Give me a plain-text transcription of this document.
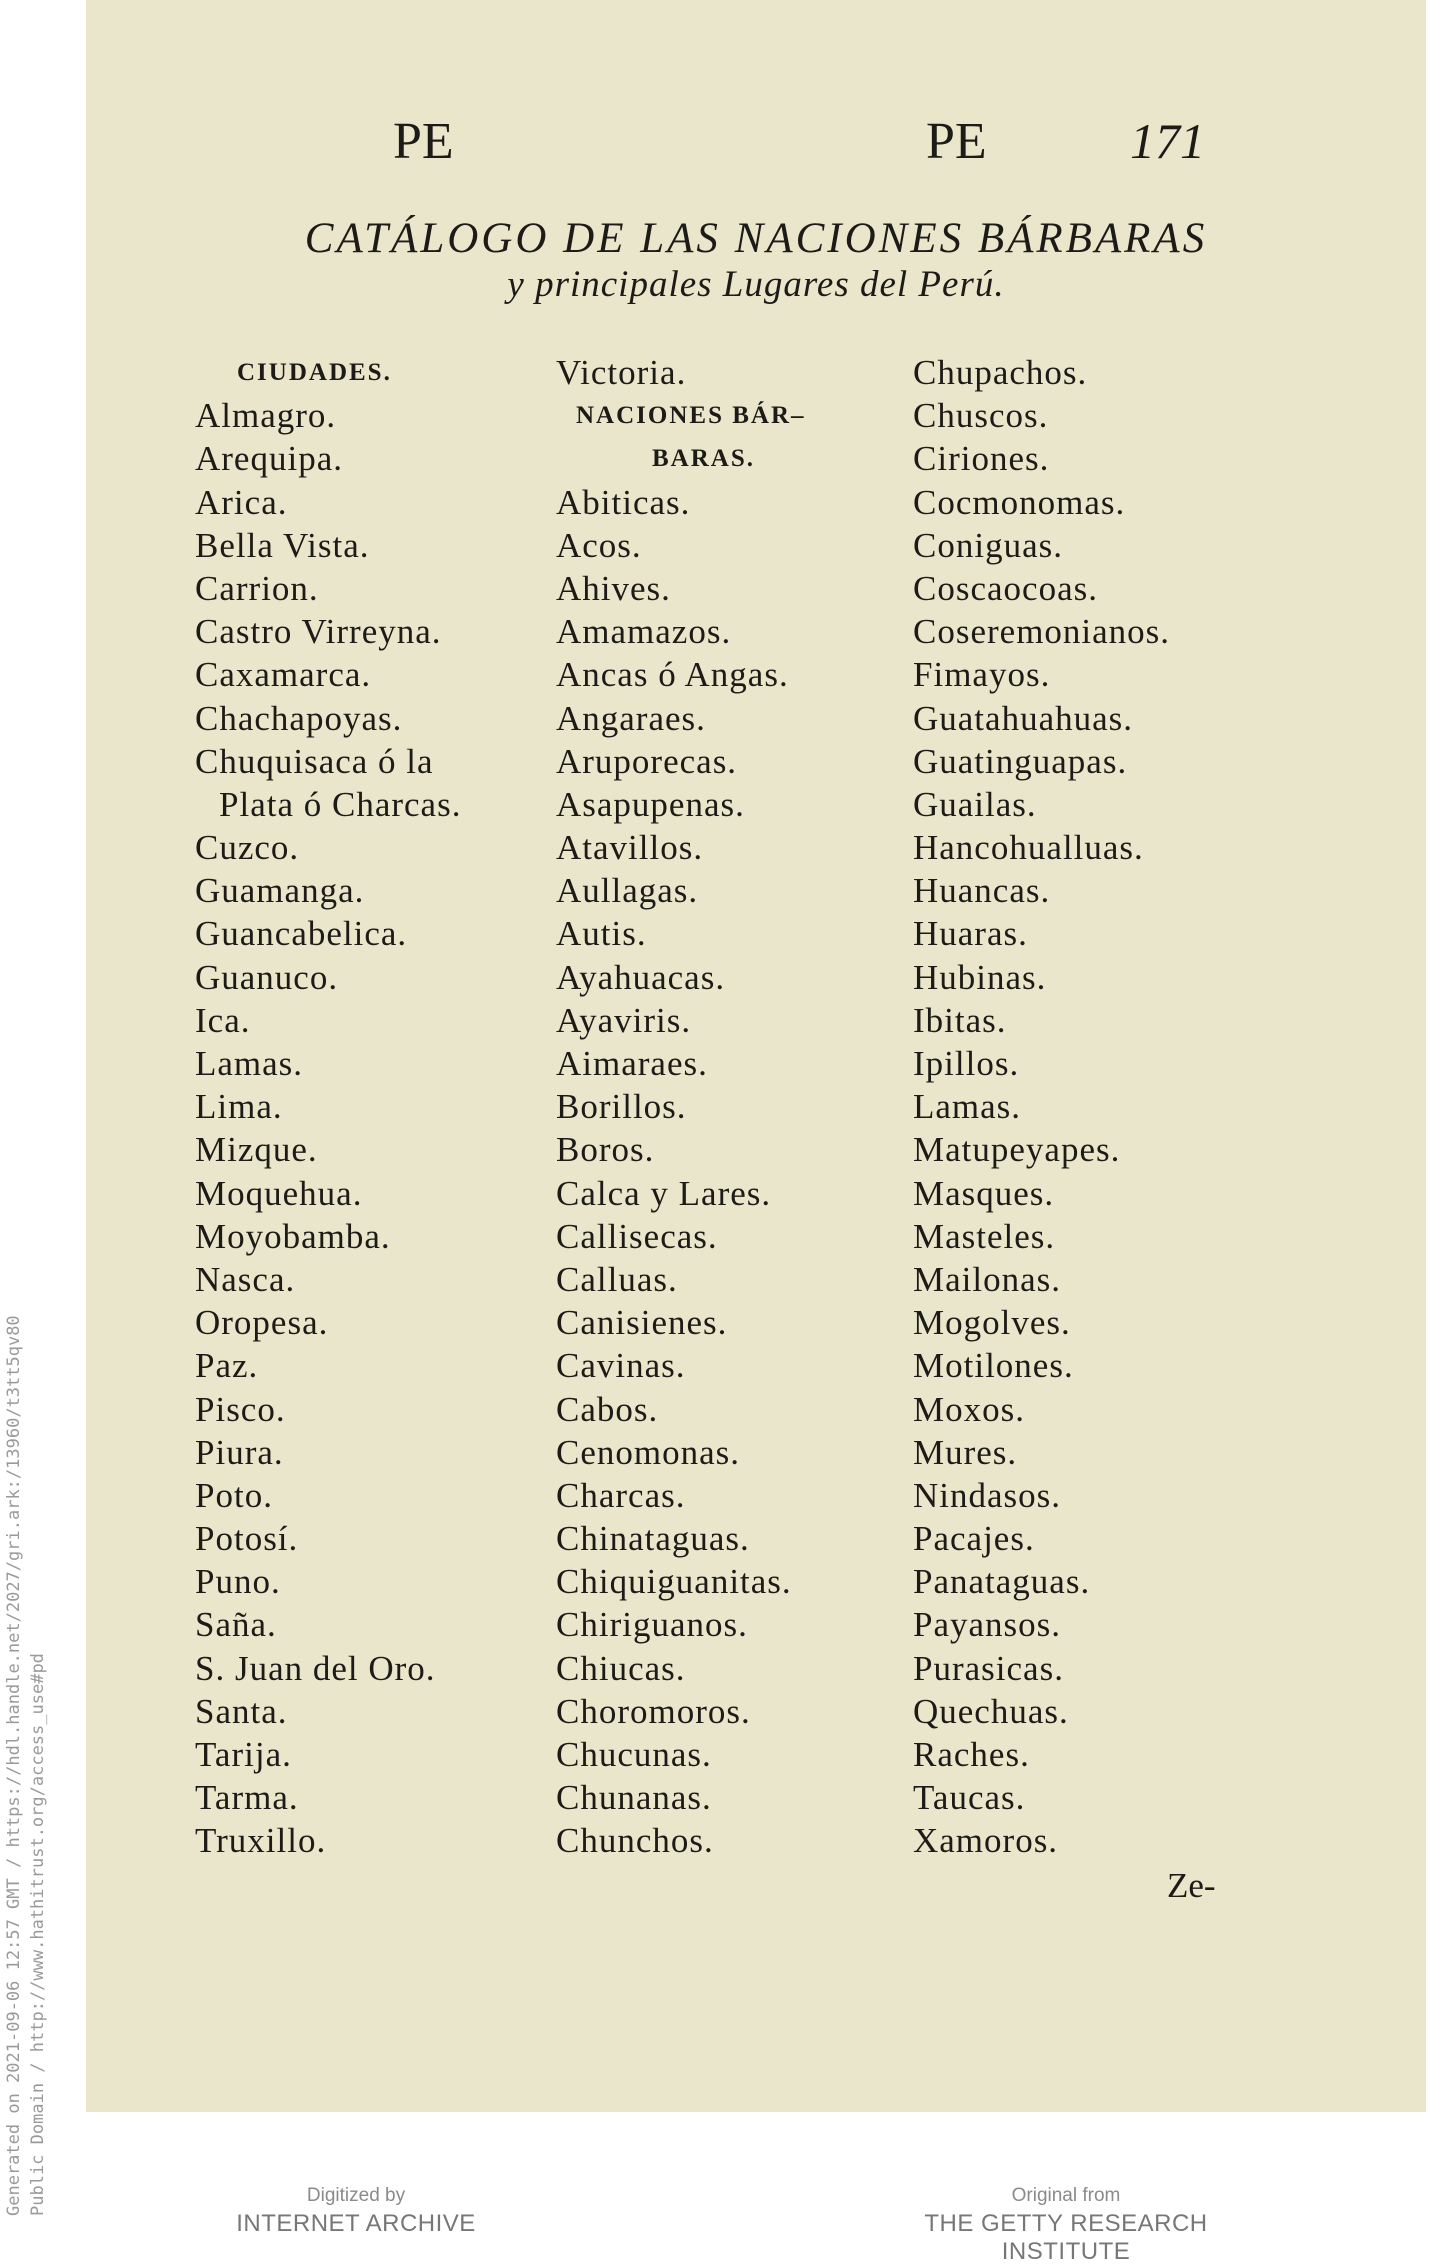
Generated on 2021-09-06 12:57 GMT / https://hdl.handle.net/2027/gri.ark:/13960/t3tt5qv80 Public Domain / http://www.hathitrust.org/access_use#pd
PE	PE	171
CATÁLOGO DE LAS NACIONES BÁRBARAS
y principales Lugares del Perú.
CIUDADES.
Almagro.
Arequipa.
Arica.
Bella Vista.
Carrion.
Castro Virreyna.
Caxamarca.
Chachapoyas.
Chuquisaca ó la
Plata ó Charcas.
Cuzco.
Guamanga.
Guancabelica.
Guanuco.
Ica.
Lamas.
Lima.
Mizque.
Moquehua.
Moyobamba.
Nasca.
Oropesa.
Paz.
Pisco.
Piura.
Poto.
Potosí.
Puno.
Saña.
S. Juan del Oro.
Santa.
Tarija.
Tarma.
Truxillo.
Victoria.
NACIONES BÁR–
BARAS.
Abiticas.
Acos.
Ahives.
Amamazos.
Ancas ó Angas.
Angaraes.
Aruporecas.
Asapupenas.
Atavillos.
Aullagas.
Autis.
Ayahuacas.
Ayaviris.
Aimaraes.
Borillos.
Boros.
Calca y Lares.
Callisecas.
Calluas.
Canisienes.
Cavinas.
Cabos.
Cenomonas.
Charcas.
Chinataguas.
Chiquiguanitas.
Chiriguanos.
Chiucas.
Choromoros.
Chucunas.
Chunanas.
Chunchos.
Chupachos.
Chuscos.
Ciriones.
Cocmonomas.
Coniguas.
Coscaocoas.
Coseremonianos.
Fimayos.
Guatahuahuas.
Guatinguapas.
Guailas.
Hancohualluas.
Huancas.
Huaras.
Hubinas.
Ibitas.
Ipillos.
Lamas.
Matupeyapes.
Masques.
Masteles.
Mailonas.
Mogolves.
Motilones.
Moxos.
Mures.
Nindasos.
Pacajes.
Panataguas.
Payansos.
Purasicas.
Quechuas.
Raches.
Taucas.
Xamoros.
Ze-
Digitized by
INTERNET ARCHIVE
Original from
THE GETTY RESEARCH INSTITUTE
